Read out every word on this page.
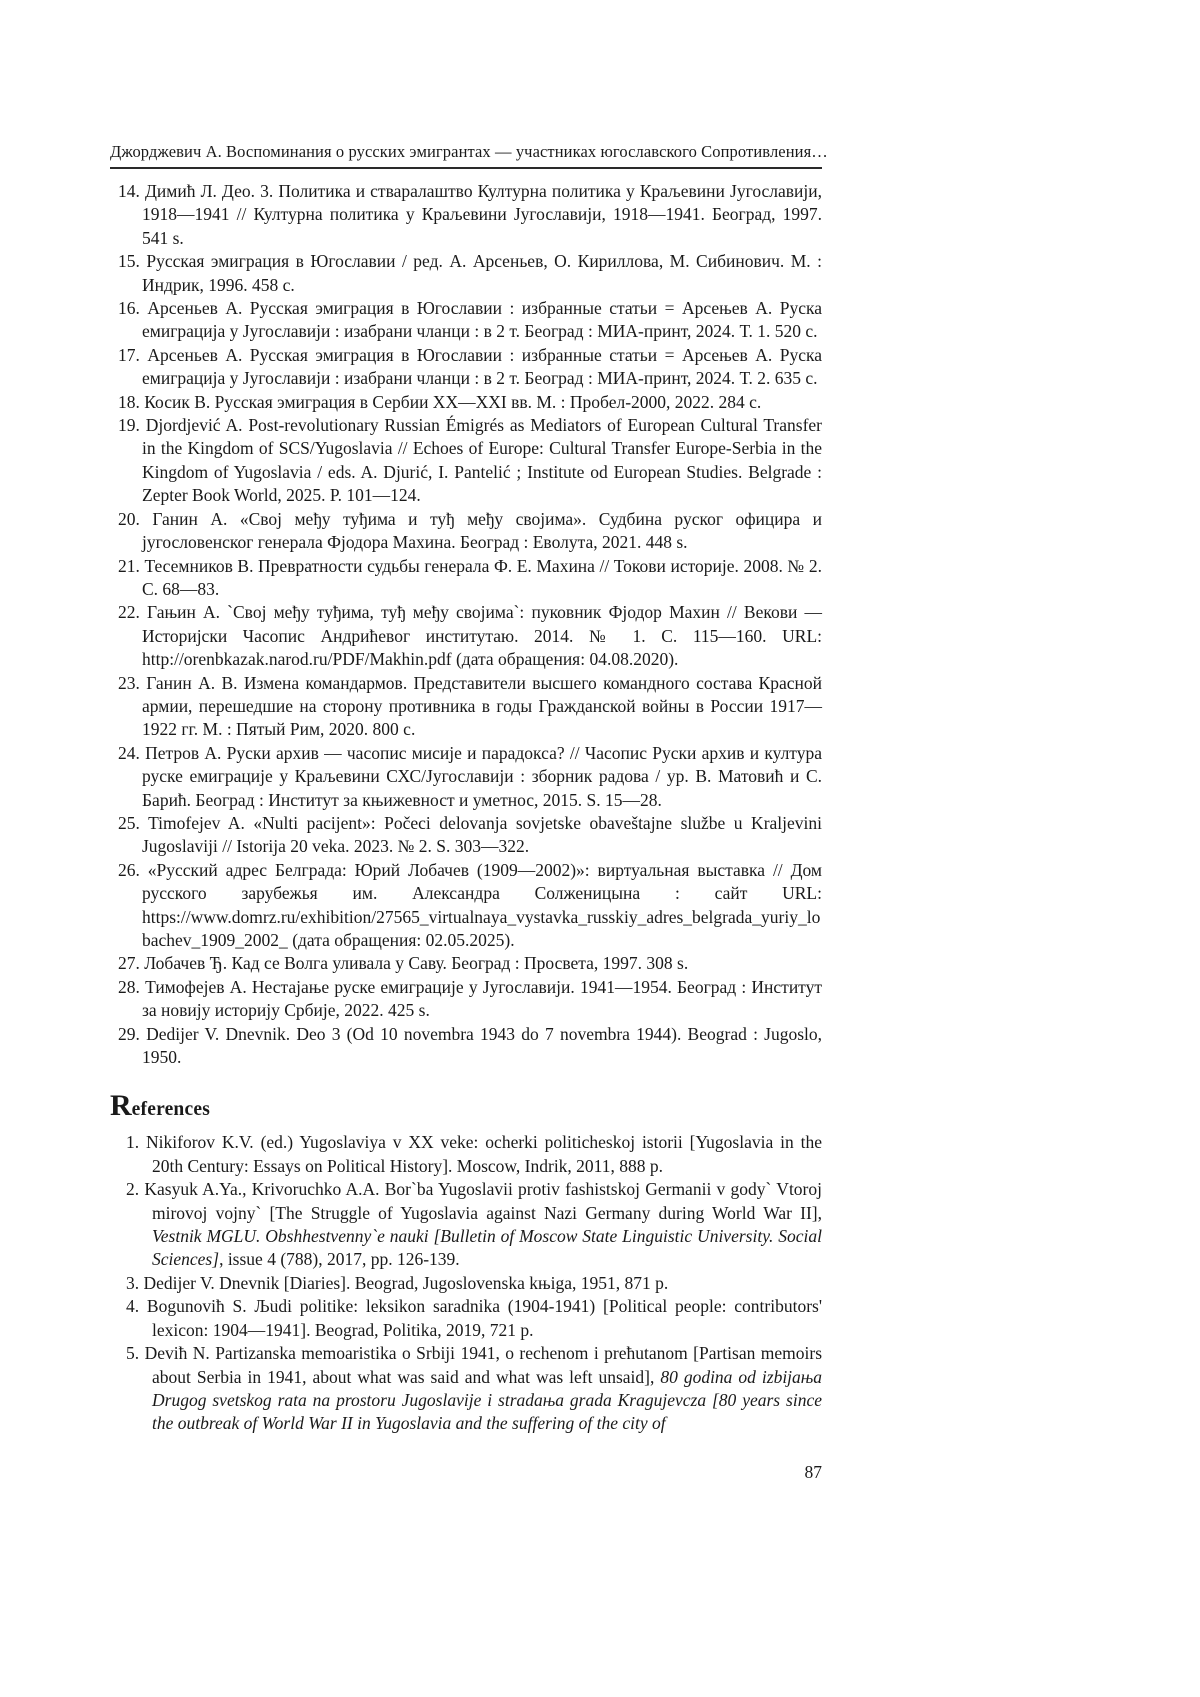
Джорджевич А. Воспоминания о русских эмигрантах — участниках югославского Сопротивления…
14. Димић Л. Део. 3. Политика и стваралаштво Културна политика у Краљевини Југославији, 1918—1941 // Културна политика у Краљевини Југославији, 1918—1941. Београд, 1997. 541 s.
15. Русская эмиграция в Югославии / ред. А. Арсеньев, О. Кириллова, М. Сибинович. М. : Индрик, 1996. 458 с.
16. Арсеньев А. Русская эмиграция в Югославии : избранные статьи = Арсењев А. Руска емиграција у Југославији : изабрани чланци : в 2 т. Београд : МИА-принт, 2024. Т. 1. 520 с.
17. Арсеньев А. Русская эмиграция в Югославии : избранные статьи = Арсењев А. Руска емиграција у Југославији : изабрани чланци : в 2 т. Београд : МИА-принт, 2024. Т. 2. 635 с.
18. Косик В. Русская эмиграция в Сербии XX—XXI вв. М. : Пробел-2000, 2022. 284 с.
19. Djordjević A. Post-revolutionary Russian Émigrés as Mediators of European Cultural Transfer in the Kingdom of SCS/Yugoslavia // Echoes of Europe: Cultural Transfer Europe-Serbia in the Kingdom of Yugoslavia / eds. A. Djurić, I. Pantelić ; Institute od European Studies. Belgrade : Zepter Book World, 2025. P. 101—124.
20. Ганин А. «Свој међу туђима и туђ међу својима». Судбина руског официра и југословенског генерала Фјодора Махина. Београд : Еволута, 2021. 448 s.
21. Тесемников В. Превратности судьбы генерала Ф. Е. Махина // Токови историје. 2008. № 2. С. 68—83.
22. Гањин А. `Свој међу туђима, туђ међу својима`: пуковник Фјодор Махин // Векови — Историјски Часопис Андрићевог институтаю. 2014. № 1. С. 115—160. URL: http://orenbkazak.narod.ru/PDF/Makhin.pdf (дата обращения: 04.08.2020).
23. Ганин А. В. Измена командармов. Представители высшего командного состава Красной армии, перешедшие на сторону противника в годы Гражданской войны в России 1917—1922 гг. М. : Пятый Рим, 2020. 800 с.
24. Петров А. Руски архив — часопис мисије и парадокса? // Часопис Руски архив и култура руске емиграције у Краљевини СХС/Југославији : зборник радова / ур. В. Матовић и С. Барић. Београд : Институт за књижевност и уметнос, 2015. S. 15—28.
25. Timofejev A. «Nulti pacijent»: Počeci delovanja sovjetske obaveštajne službe u Kraljevini Jugoslaviji // Istorija 20 veka. 2023. № 2. S. 303—322.
26. «Русский адрес Белграда: Юрий Лобачев (1909—2002)»: виртуальная выставка // Дом русского зарубежья им. Александра Солженицына : сайт URL: https://www.domrz.ru/exhibition/27565_virtualnaya_vystavka_russkiy_adres_belgrada_yuriy_lobachev_1909_2002_ (дата обращения: 02.05.2025).
27. Лобачев Ђ. Кад се Волга уливала у Саву. Београд : Просвета, 1997. 308 s.
28. Тимофејев А. Нестајање руске емиграције у Југославији. 1941—1954. Београд : Институт за новију историју Србије, 2022. 425 s.
29. Dedijer V. Dnevnik. Deo 3 (Od 10 novembra 1943 do 7 novembra 1944). Beograd : Jugoslo, 1950.
References
1. Nikiforov K.V. (ed.) Yugoslaviya v XX veke: ocherki politicheskoj istorii [Yugoslavia in the 20th Century: Essays on Political History]. Moscow, Indrik, 2011, 888 p.
2. Kasyuk A.Ya., Krivoruchko A.A. Bor`ba Yugoslavii protiv fashistskoj Germanii v gody` Vtoroj mirovoj vojny` [The Struggle of Yugoslavia against Nazi Germany during World War II], Vestnik MGLU. Obshhestvenny`e nauki [Bulletin of Moscow State Linguistic University. Social Sciences], issue 4 (788), 2017, pp. 126-139.
3. Dedijer V. Dnevnik [Diaries]. Beograd, Jugoslovenska kњiga, 1951, 871 p.
4. Bogunoviћ S. Љudi politike: leksikon saradnika (1904-1941) [Political people: contributors' lexicon: 1904—1941]. Beograd, Politika, 2019, 721 p.
5. Deviћ N. Partizanska memoaristika o Srbiji 1941, o rechenom i preћutanom [Partisan memoirs about Serbia in 1941, about what was said and what was left unsaid], 80 godina od izbijaњa Drugog svetskog rata na prostoru Jugoslavije i stradaњa grada Kragujevcza [80 years since the outbreak of World War II in Yugoslavia and the suffering of the city of
87
